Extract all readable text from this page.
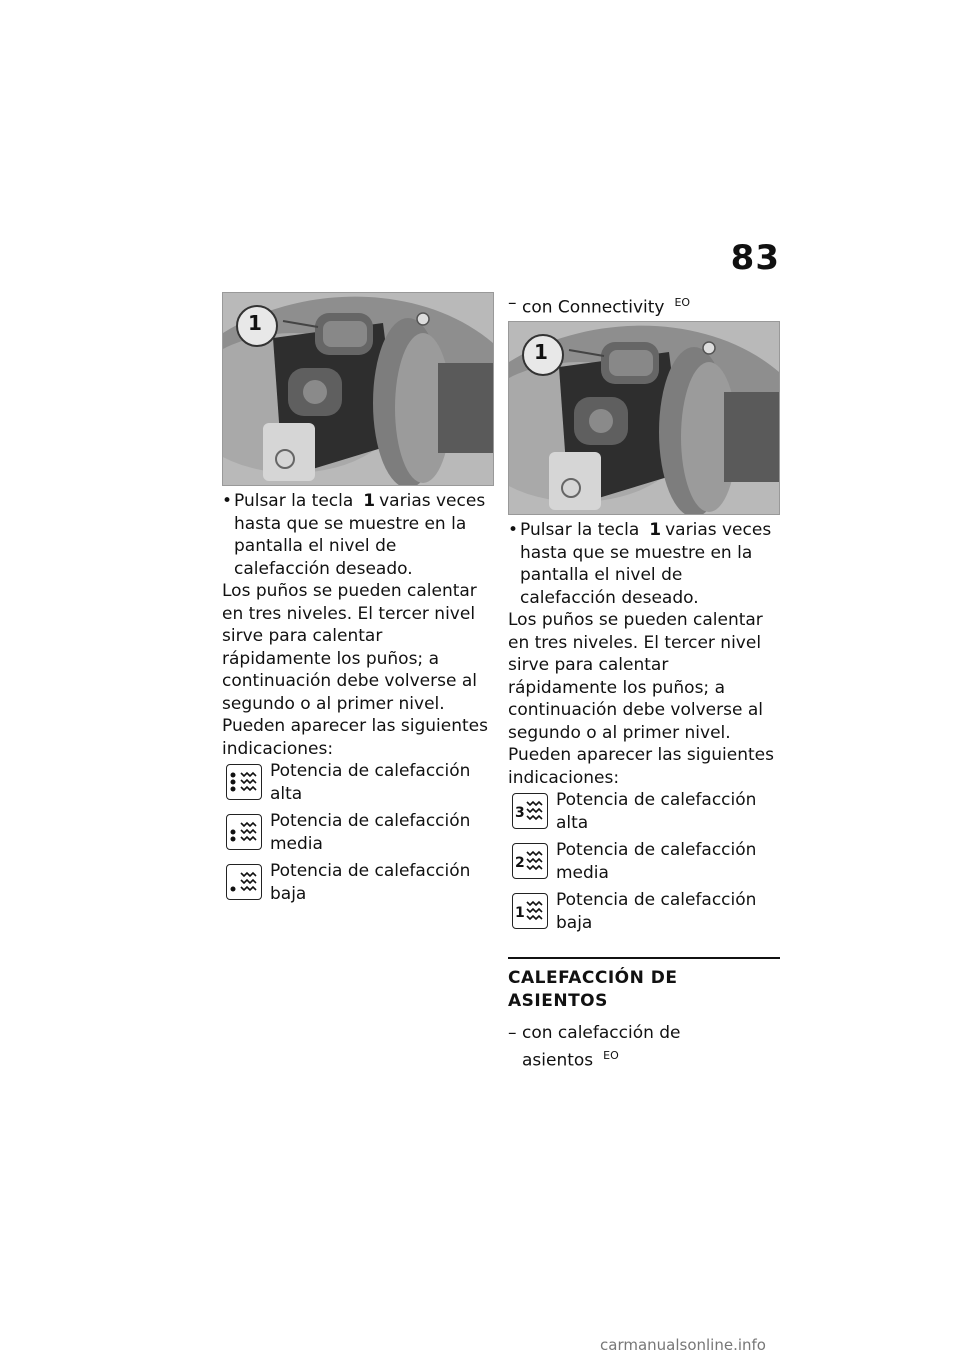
83
1
•
Pulsar la tecla 1 varias veces hasta que se muestre en la pantalla el nivel de calefacción deseado.
Los puños se pueden calentar en tres niveles. El tercer nivel sirve para calentar rápidamente los puños; a continuación debe volverse al segundo o al primer nivel. Pueden aparecer las siguientes indicaciones:
Potencia de calefacción alta
Potencia de calefacción media
Potencia de calefacción baja
– con Connectivity $^{EO}$
1
•
Pulsar la tecla 1 varias veces hasta que se muestre en la pantalla el nivel de calefacción deseado.
Los puños se pueden calentar en tres niveles. El tercer nivel sirve para calentar rápidamente los puños; a continuación debe volverse al segundo o al primer nivel. Pueden aparecer las siguientes indicaciones:
3
Potencia de calefacción alta
2
Potencia de calefacción media
1
Potencia de calefacción baja
CALEFACCIÓN DE ASIENTOS
– con calefacción de asientos $^{EO}$
carmanualsonline.info
